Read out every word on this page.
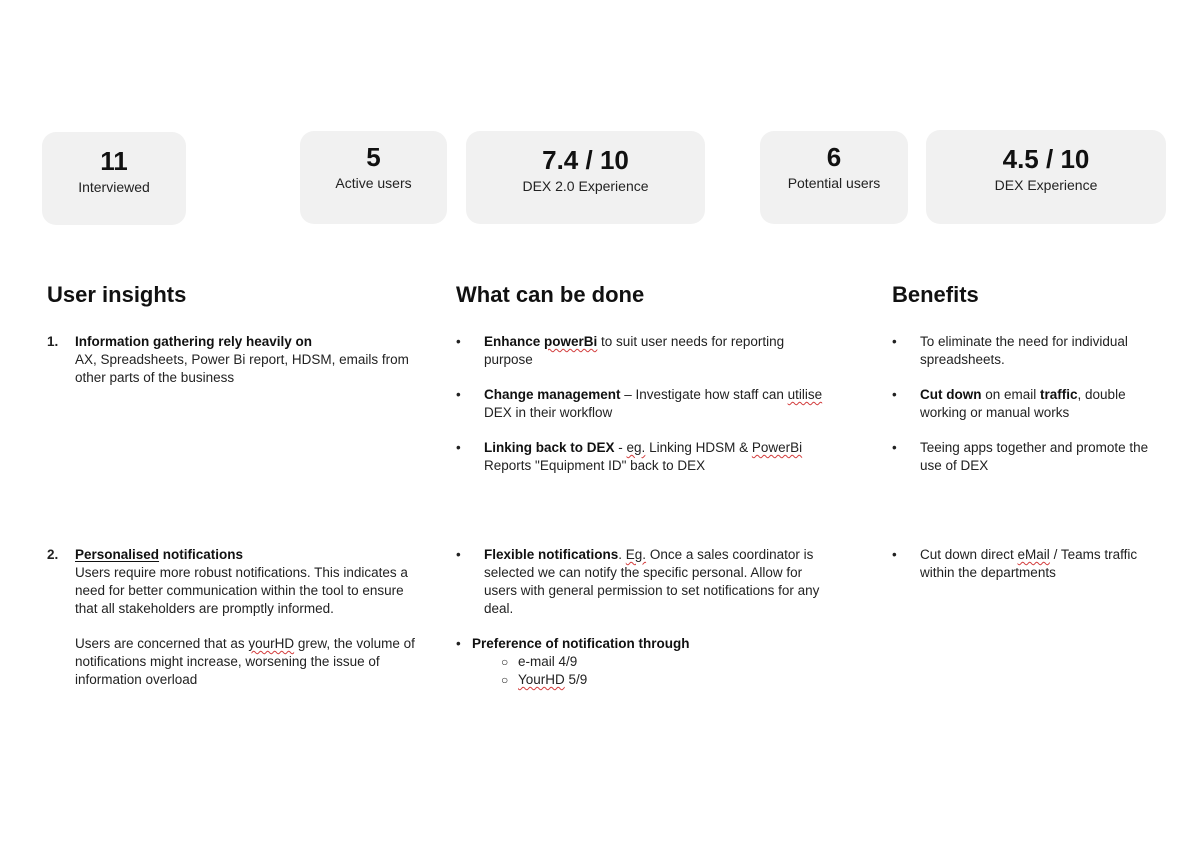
11
Interviewed
5
Active users
7.4 / 10
DEX 2.0 Experience
6
Potential users
4.5 / 10
DEX Experience
User insights
1. Information gathering rely heavily on
AX, Spreadsheets, Power Bi report, HDSM, emails from other parts of the business
2. Personalised notifications
Users require more robust notifications. This indicates a need for better communication within the tool to ensure that all stakeholders are promptly informed.
Users are concerned that as yourHD grew, the volume of notifications might increase, worsening the issue of information overload
What can be done
• Enhance powerBi to suit user needs for reporting purpose
• Change management – Investigate how staff can utilise DEX in their workflow
• Linking back to DEX - eg. Linking HDSM & PowerBi Reports "Equipment ID" back to DEX
• Flexible notifications. Eg. Once a sales coordinator is selected we can notify the specific personal. Allow for users with general permission to set notifications for any deal.
• Preference of notification through
○ e-mail 4/9
○ YourHD 5/9
Benefits
• To eliminate the need for individual spreadsheets.
• Cut down on email traffic, double working or manual works
• Teeing apps together and promote the use of DEX
• Cut down direct eMail / Teams traffic within the departments
